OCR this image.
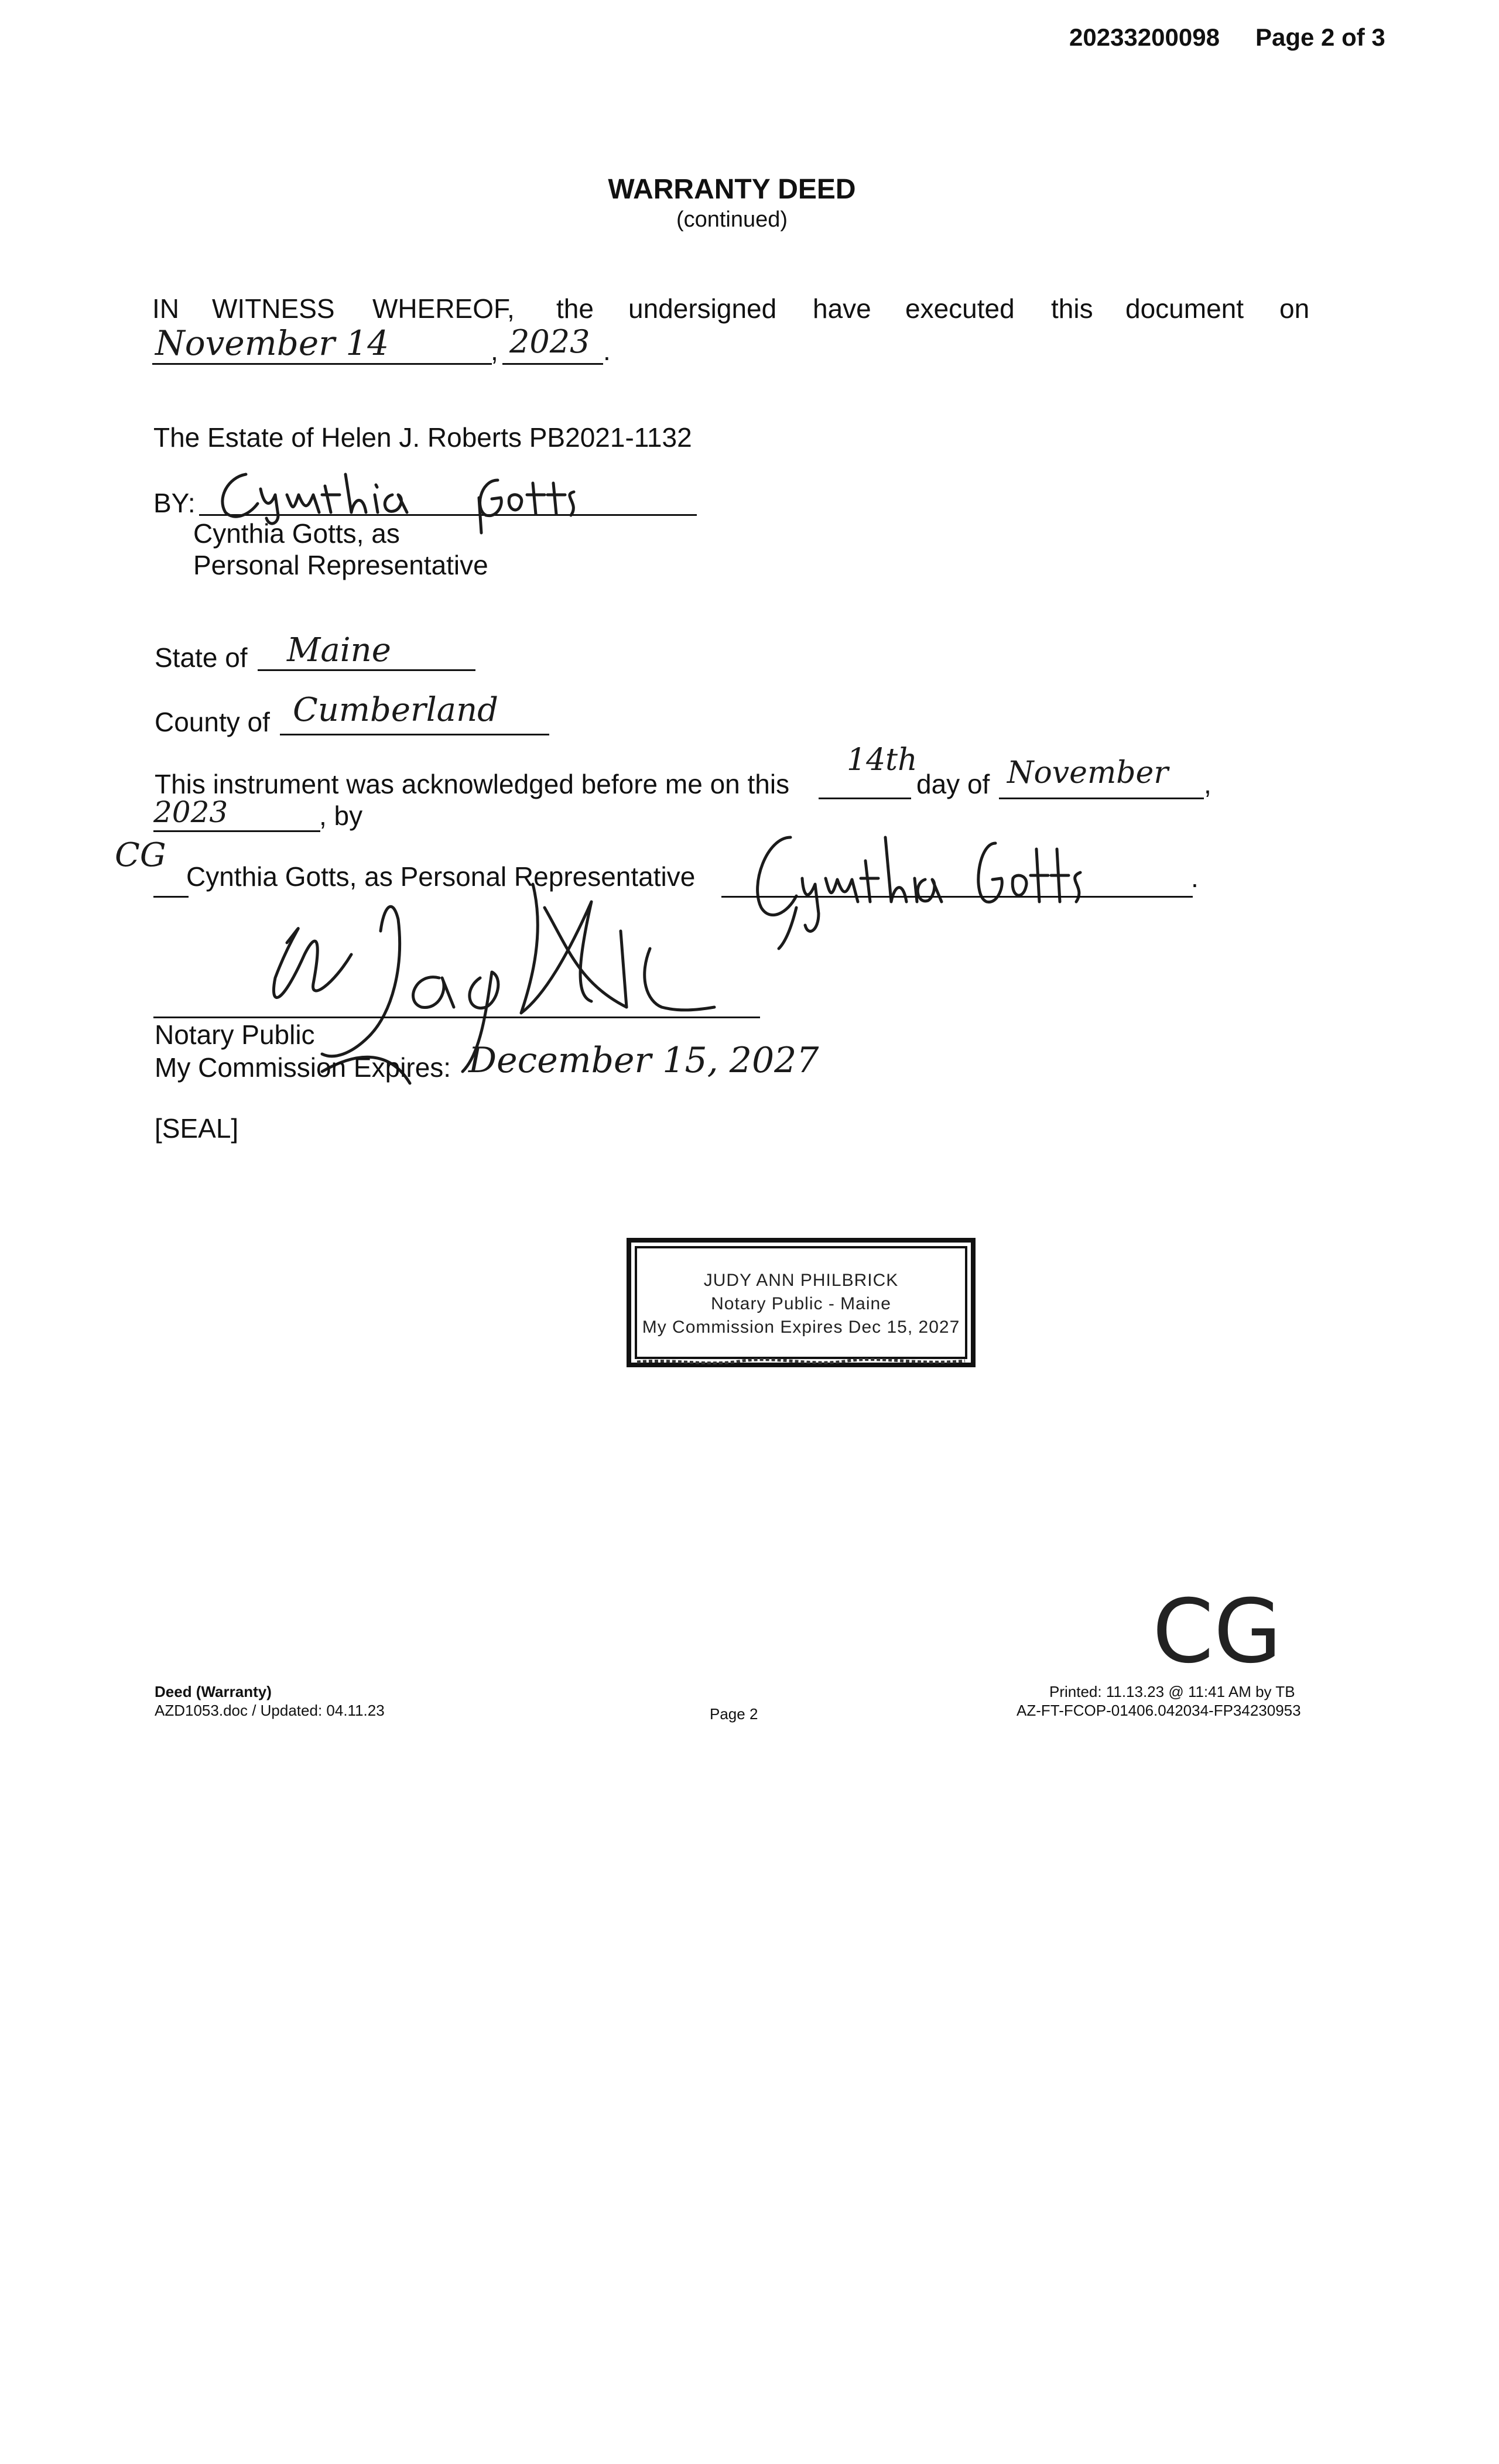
20233200098 Page 2 of 3
WARRANTY DEED
(continued)
IN WITNESS WHEREOF, the undersigned have executed this document on
November 14	, 2023 .
The Estate of Helen J. Roberts PB2021-1132
BY:
Cynthia Gotts, as
Personal Representative
State of Maine
County of Cumberland
This instrument was acknowledged before me on this
14th
day of November ,
2023	, by
CG
Cynthia Gotts, as Personal Representative	.
Notary Public
My Commission Expires: December 15, 2027
[SEAL]
JUDY ANN PHILBRICK
Notary Public - Maine
My Commission Expires Dec 15, 2027
CG
Deed (Warranty)
AZD1053.doc / Updated: 04.11.23	Page 2
Printed: 11.13.23 @ 11:41 AM by TB
AZ-FT-FCOP-01406.042034-FP34230953
